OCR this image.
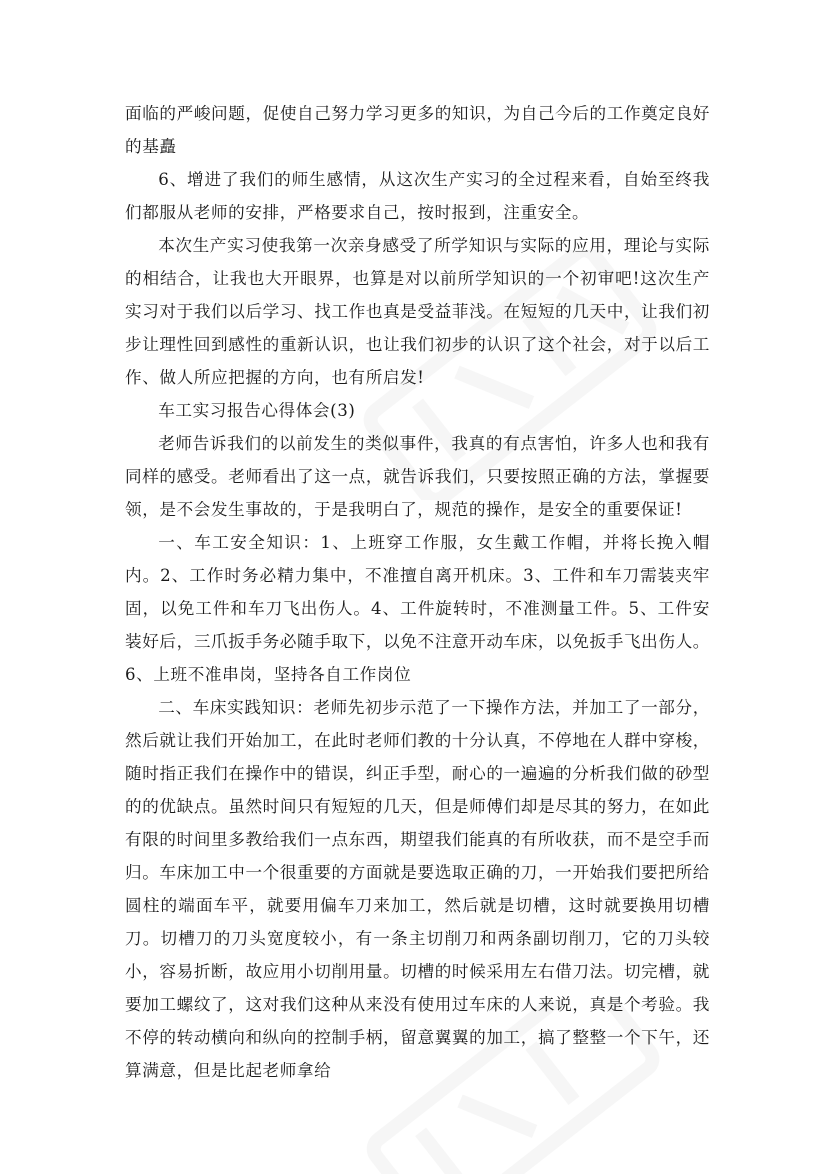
面临的严峻问题，促使自己努力学习更多的知识，为自己今后的工作奠定良好的基矗

6、增进了我们的师生感情，从这次生产实习的全过程来看，自始至终我们都服从老师的安排，严格要求自己，按时报到，注重安全。

本次生产实习使我第一次亲身感受了所学知识与实际的应用，理论与实际的相结合，让我也大开眼界，也算是对以前所学知识的一个初审吧!这次生产实习对于我们以后学习、找工作也真是受益菲浅。在短短的几天中，让我们初步让理性回到感性的重新认识，也让我们初步的认识了这个社会，对于以后工作、做人所应把握的方向，也有所启发!

车工实习报告心得体会(3)

老师告诉我们的以前发生的类似事件，我真的有点害怕，许多人也和我有同样的感受。老师看出了这一点，就告诉我们，只要按照正确的方法，掌握要领，是不会发生事故的，于是我明白了，规范的操作，是安全的重要保证!

一、车工安全知识：1、上班穿工作服，女生戴工作帽，并将长挽入帽内。2、工作时务必精力集中，不准擅自离开机床。3、工件和车刀需装夹牢固，以免工件和车刀飞出伤人。4、工件旋转时，不准测量工件。5、工件安装好后，三爪扳手务必随手取下，以免不注意开动车床，以免扳手飞出伤人。6、上班不准串岗，坚持各自工作岗位

二、车床实践知识：老师先初步示范了一下操作方法，并加工了一部分，然后就让我们开始加工，在此时老师们教的十分认真，不停地在人群中穿梭，随时指正我们在操作中的错误，纠正手型，耐心的一遍遍的分析我们做的砂型的的优缺点。虽然时间只有短短的几天，但是师傅们却是尽其的努力，在如此有限的时间里多教给我们一点东西，期望我们能真的有所收获，而不是空手而归。车床加工中一个很重要的方面就是要选取正确的刀，一开始我们要把所给圆柱的端面车平，就要用偏车刀来加工，然后就是切槽，这时就要换用切槽刀。切槽刀的刀头宽度较小，有一条主切削刀和两条副切削刀，它的刀头较小，容易折断，故应用小切削用量。切槽的时候采用左右借刀法。切完槽，就要加工螺纹了，这对我们这种从来没有使用过车床的人来说，真是个考验。我不停的转动横向和纵向的控制手柄，留意翼翼的加工，搞了整整一个下午，还算满意，但是比起老师拿给
